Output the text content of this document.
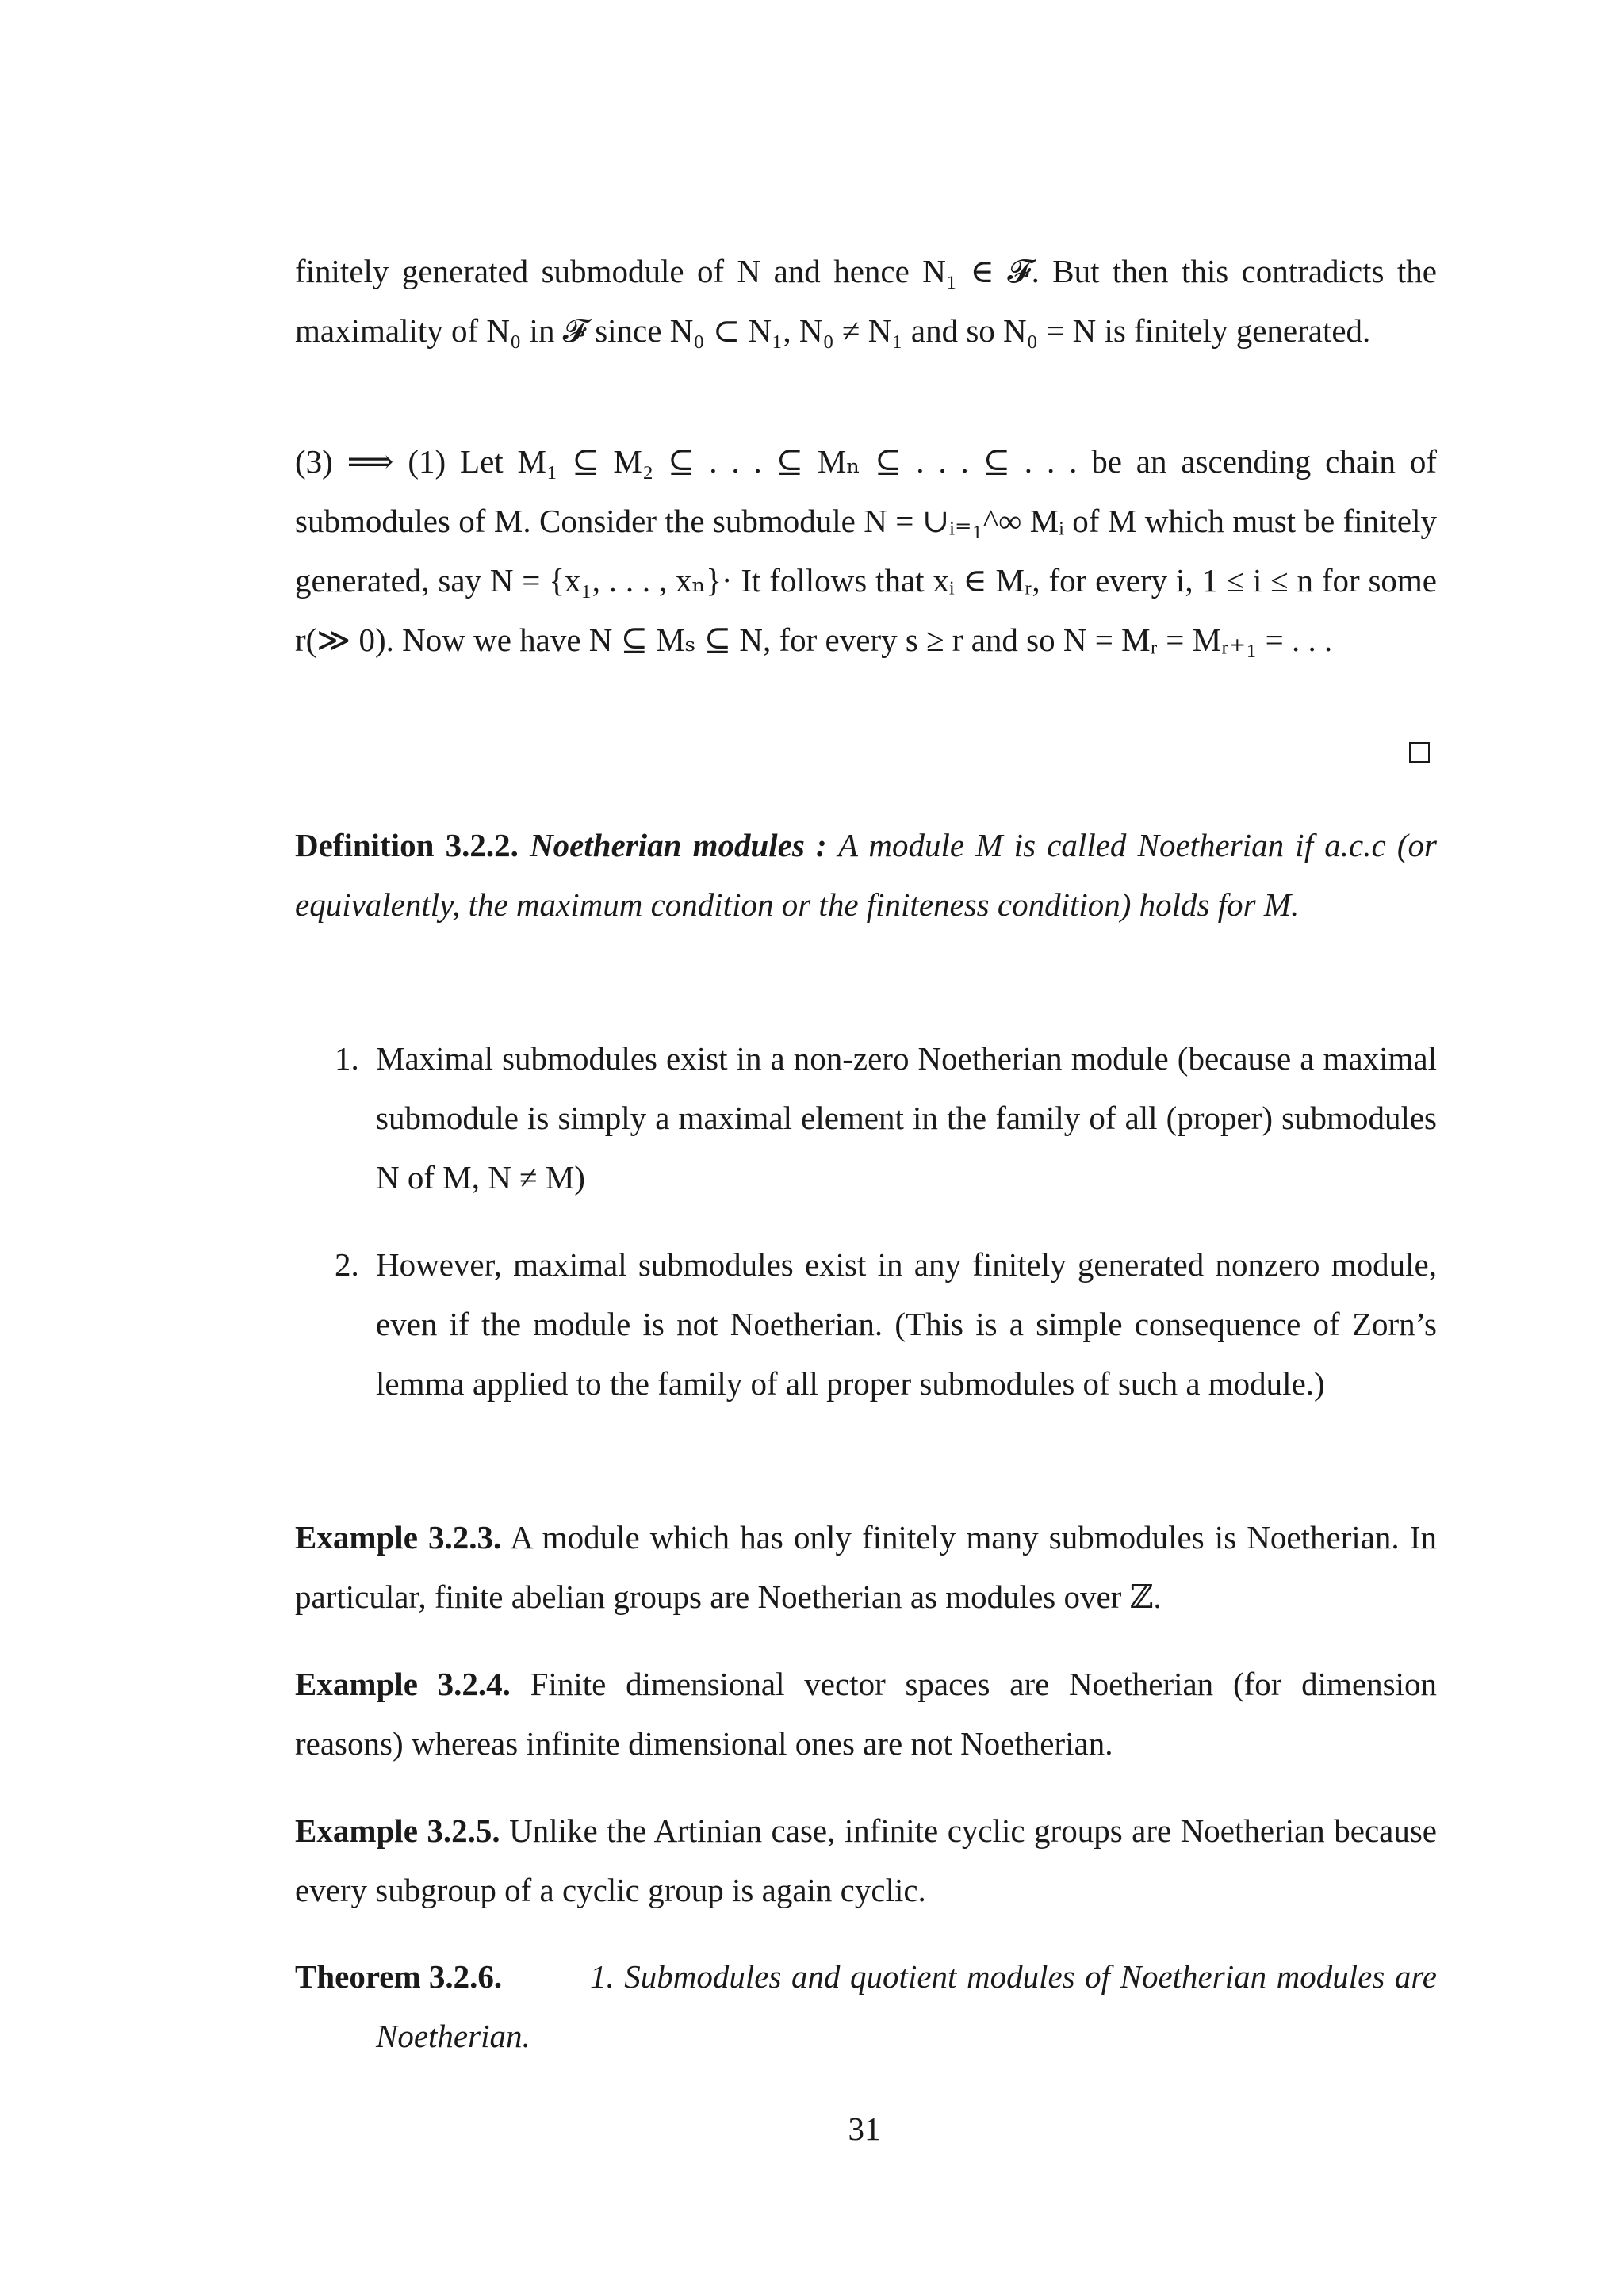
finitely generated submodule of N and hence N₁ ∈ 𝓕. But then this contradicts the maximality of N₀ in 𝓕 since N₀ ⊂ N₁, N₀ ≠ N₁ and so N₀ = N is finitely generated.

(3) ⟹ (1) Let M₁ ⊆ M₂ ⊆ . . . ⊆ Mₙ ⊆ . . . ⊆ . . . be an ascending chain of submodules of M. Consider the submodule N = ∪ᵢ₌₁^∞ Mᵢ of M which must be finitely generated, say N = {x₁, . . . , xₙ}· It follows that xᵢ ∈ Mᵣ, for every i, 1 ≤ i ≤ n for some r(≫ 0). Now we have N ⊆ Mₛ ⊆ N, for every s ≥ r and so N = Mᵣ = Mᵣ₊₁ = . . .

Definition 3.2.2. Noetherian modules : A module M is called Noetherian if a.c.c (or equivalently, the maximum condition or the finiteness condition) holds for M.

1. Maximal submodules exist in a non-zero Noetherian module (because a maximal submodule is simply a maximal element in the family of all (proper) submodules N of M, N ≠ M)
2. However, maximal submodules exist in any finitely generated nonzero module, even if the module is not Noetherian. (This is a simple consequence of Zorn’s lemma applied to the family of all proper submodules of such a module.)

Example 3.2.3. A module which has only finitely many submodules is Noetherian. In particular, finite abelian groups are Noetherian as modules over ℤ.

Example 3.2.4. Finite dimensional vector spaces are Noetherian (for dimension reasons) whereas infinite dimensional ones are not Noetherian.

Example 3.2.5. Unlike the Artinian case, infinite cyclic groups are Noetherian because every subgroup of a cyclic group is again cyclic.

Theorem 3.2.6.	1. Submodules and quotient modules of Noetherian modules are Noetherian.
31
